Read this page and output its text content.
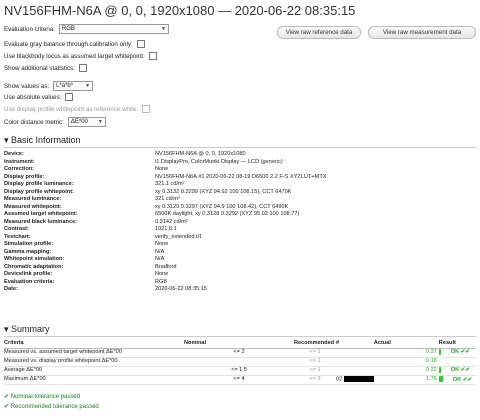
NV156FHM-N6A @ 0, 0, 1920x1080 — 2020-06-22 08:35:15
Evaluation criteria:	RGB	▼	View raw reference data	View raw measurement data
Evaluate gray balance through calibration only:
Use blackbody locus as assumed target whitepoint:
Show additional statistics:
Show values as:	L*a*b* ▼
Use absolute values:
Use display profile whitepoint as reference white:
Color distance metric:	ΔE*00 ▼
▾ Basic Information
Device:	NV156FHM-N6A @ 0, 0, 1920x1080
Instrument:	i1 DisplayPro, ColorMunki Display — LCD (generic)
Correction:	None
Display profile:	NV156FHM-N6A #1 2020-06-22 08-19 D6500 2.2 F-S XYZLUT+MTX
Display profile luminance:	321.1 cd/m²
Display profile whitepoint:	xy 0.3132 0.3299 (XYZ 94.92 100 108.15), CCT 6470K
Measured luminance:	321 cd/m²
Measured whitepoint:	xy 0.3129 0.3297 (XYZ 94.9 100 108.42), CCT 6490K
Assumed target whitepoint:	6500K daylight, xy 0.3128 0.3292 (XYZ 95.02 100 108.77)
Measured black luminance:	0.3142 cd/m²
Contrast:	1021.6:1
Testchart:	verify_extended.ti1
Simulation profile:	None
Gamma mapping:	N/A
Whitepoint simulation:	N/A
Chromatic adaptation:	Bradford
Devicelink profile:	None
Evaluation criteria:	RGB
Date:	2020-06-22 08:35:15
▾ Summary
Criteria	Nominal	Recommended	#	Actual	Result
Measured vs. assumed target whitepoint ΔE*00	<= 2	<= 1		0.37	OK ✔✔
Measured vs. display profile whitepoint ΔE*00		<= 1		0.18	
Average ΔE*00	<= 1.5	<= 1		0.22	OK ✔✔
Maximum ΔE*00	<= 4	<= 3	02	1.76	OK ✔✔
✔ Nominal tolerance passed
✔ Recommended tolerance passed
